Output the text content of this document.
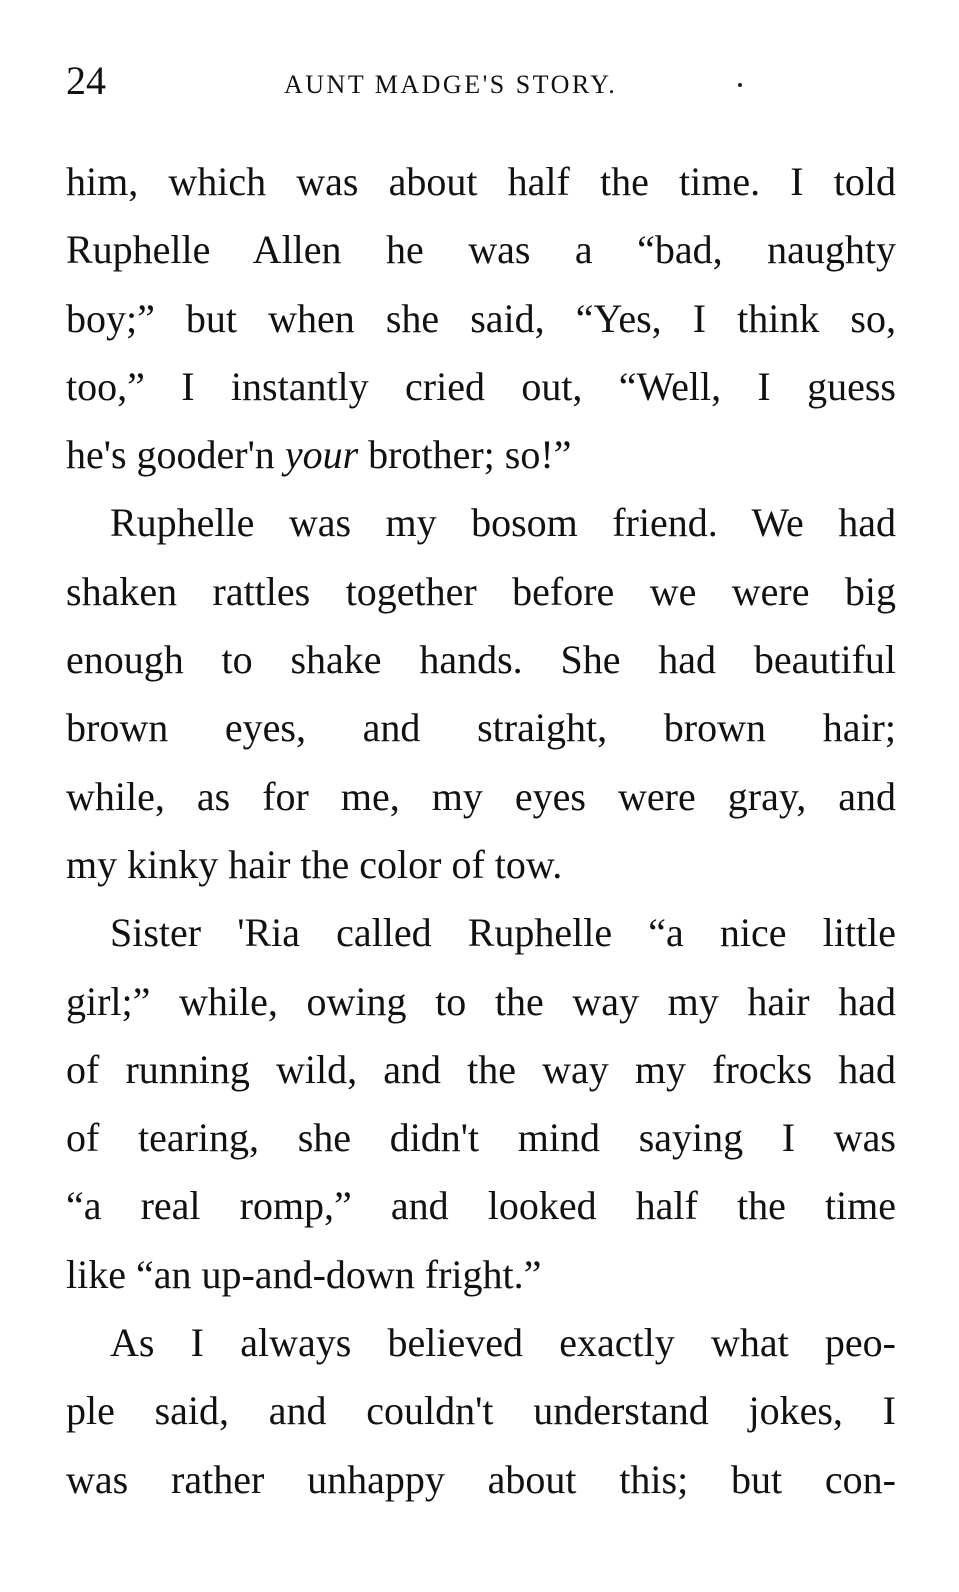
24	AUNT MADGE'S STORY.
him, which was about half the time. I told
Ruphelle Allen he was a “bad, naughty
boy;” but when she said, “Yes, I think so,
too,” I instantly cried out, “Well, I guess
he's gooder'n your brother; so!”
Ruphelle was my bosom friend. We had
shaken rattles together before we were big
enough to shake hands. She had beautiful
brown eyes, and straight, brown hair;
while, as for me, my eyes were gray, and
my kinky hair the color of tow.
Sister 'Ria called Ruphelle “a nice little
girl;” while, owing to the way my hair had
of running wild, and the way my frocks had
of tearing, she didn't mind saying I was
“a real romp,” and looked half the time
like “an up-and-down fright.”
As I always believed exactly what peo-
ple said, and couldn't understand jokes, I
was rather unhappy about this; but con-
